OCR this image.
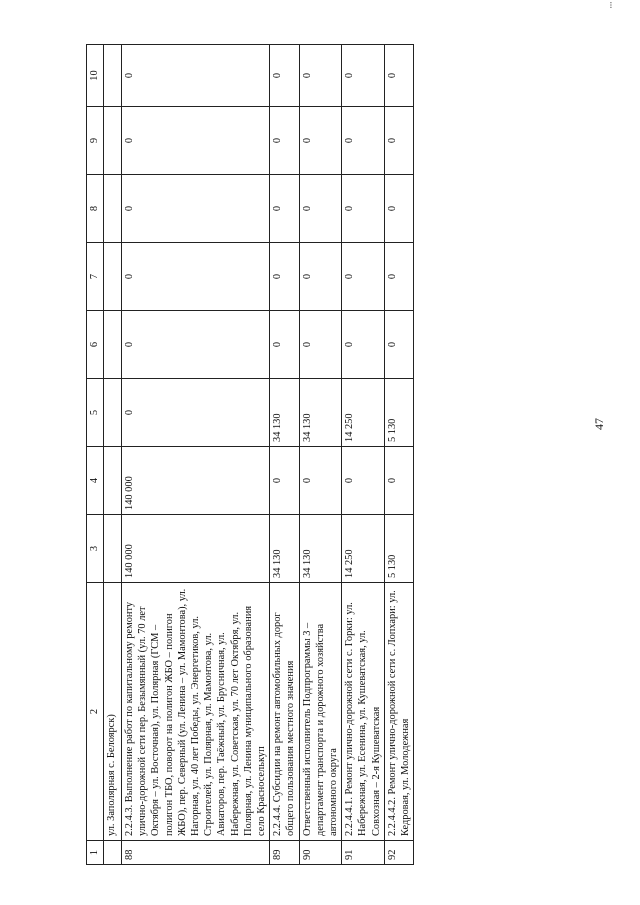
...
47
1	2	3	4	5	6	7	8	9	10
	ул. Заполярная с. Белоярск)								
88	2.2.4.3. Выполнение работ по капитальному ремонту улично-дорожной сети пер. Безымянный (ул. 70 лет Октября – ул. Восточная), ул. Полярная (ГСМ – полигон ТБО, поворот на полигон ЖБО – полигон ЖБО), пер. Северный (ул. Ленина – ул. Мамонтова), ул. Нагорная, ул. 40 лет Победы, ул. Энергетиков, ул. Строителей, ул. Полярная, ул. Мамонтова, ул. Авиаторов, пер. Таёжный, ул. Брусничная, ул. Набережная, ул. Советская, ул. 70 лет Октября, ул. Полярная, ул. Ленина муниципального образования село Красноселькуп	140 000	140 000	0	0	0	0	0	0
89	2.2.4.4. Субсидии на ремонт автомобильных дорог общего пользования местного значения	34 130	0	34 130	0	0	0	0	0
90	Ответственный исполнитель Подпрограммы 3 – департамент транспорта и дорожного хозяйства автономного округа	34 130	0	34 130	0	0	0	0	0
91	2.2.4.4.1. Ремонт улично-дорожной сети с. Горки: ул. Набережная, ул. Есенина, ул. Кушеватская, ул. Совхозная – 2-я Кушеватская	14 250	0	14 250	0	0	0	0	0
92	2.2.4.4.2. Ремонт улично-дорожной сети с. Лопхари: ул. Кедровая, ул. Молодежная	5 130	0	5 130	0	0	0	0	0
